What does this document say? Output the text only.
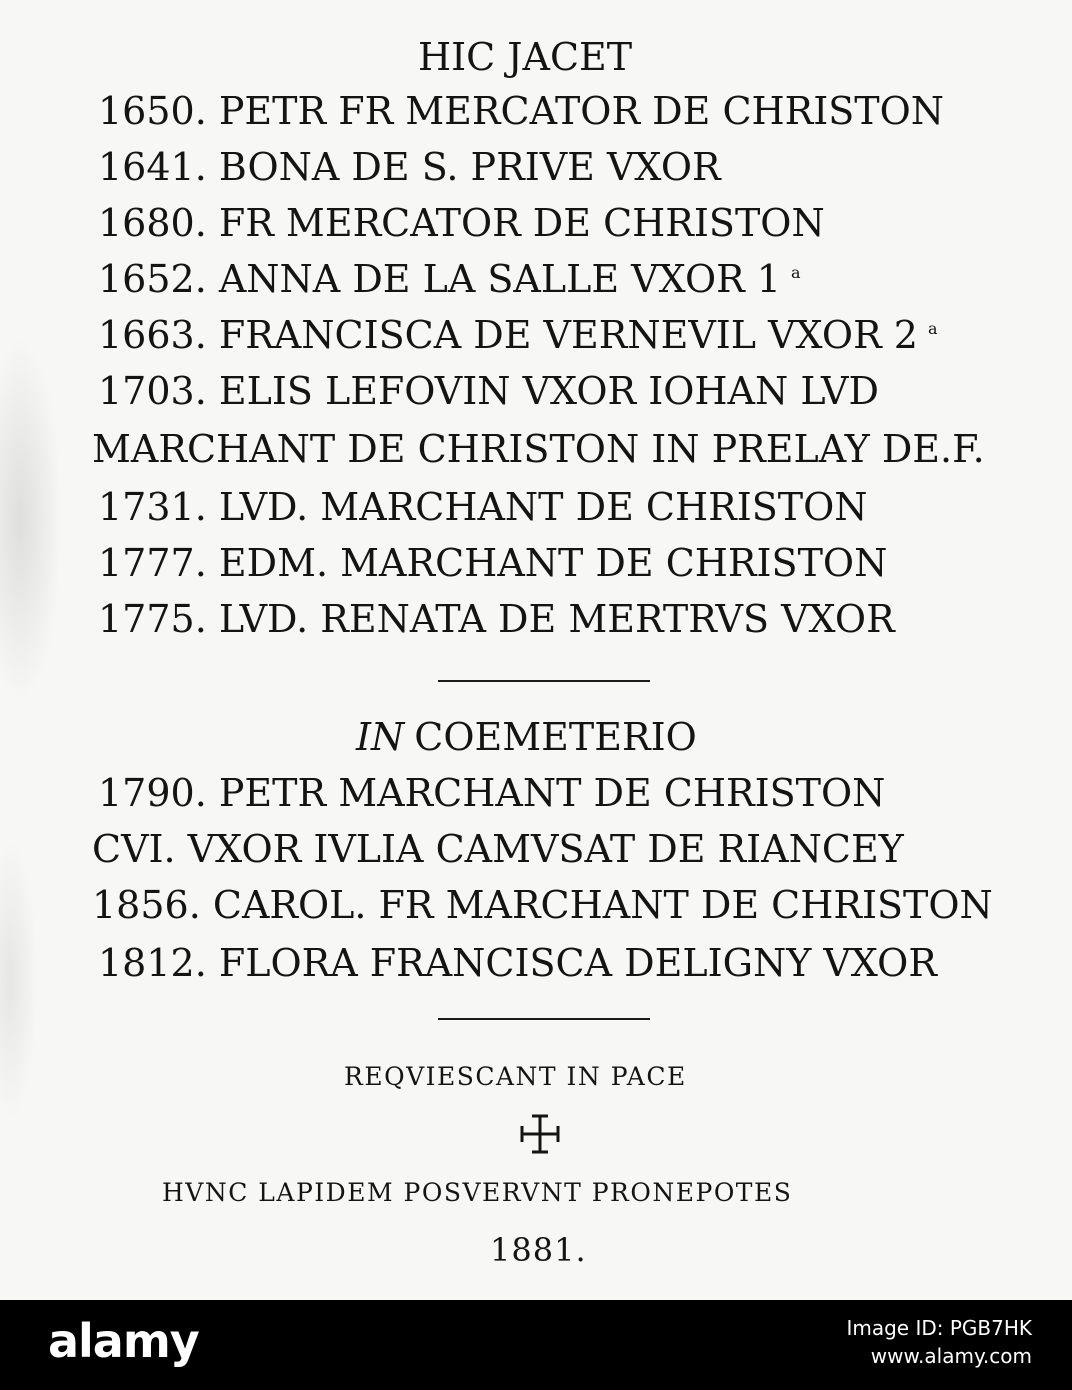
HIC JACET

1650. PETR FR MERCATOR DE CHRISTON

1641. BONA DE S. PRIVE VXOR

1680. FR MERCATOR DE CHRISTON

1652. ANNA DE LA SALLE VXOR 1 $^a$

1663. FRANCISCA DE VERNEVIL VXOR 2 $^a$

1703. ELIS LEFOVIN VXOR IOHAN LVD

MARCHANT DE CHRISTON IN PRELAY DE.F.

1731. LVD. MARCHANT DE CHRISTON

1777. EDM. MARCHANT DE CHRISTON

1775. LVD. RENATA DE MERTRVS VXOR

IN COEMETERIO

1790. PETR MARCHANT DE CHRISTON

CVI. VXOR IVLIA CAMVSAT DE RIANCEY

1856. CAROL. FR MARCHANT DE CHRISTON

1812. FLORA FRANCISCA DELIGNY VXOR

REQVIESCANT IN PACE

HVNC LAPIDEM POSVERVNT PRONEPOTES

1881.

alamy	Image ID: PGB7HK
www.alamy.com
